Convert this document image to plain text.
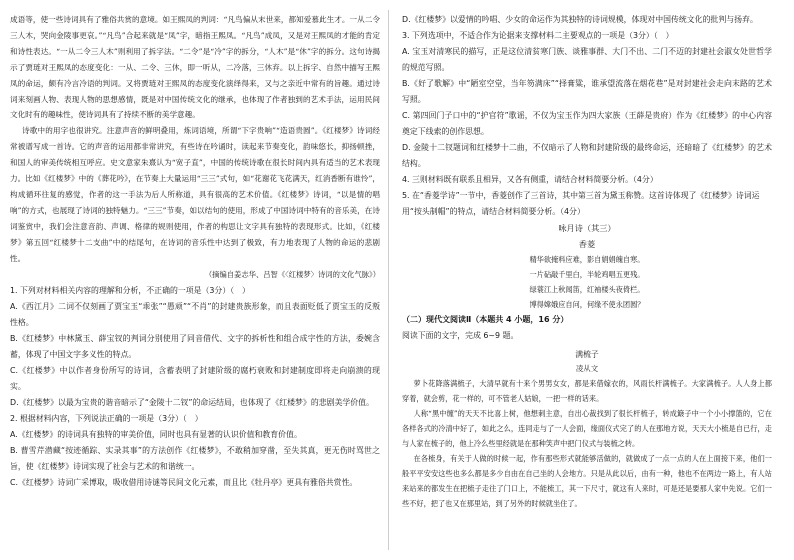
成语等，使一些诗词具有了雅俗共赏的意境。如王熙凤的判词：“凡鸟偏从末世来，都知爱慕此生才。一从二令三人木，哭向金陵事更哀。”“凡鸟”合起来就是“凤”字，暗指王熙凤。“凡鸟”成凤，又是对王熙凤的才能的肯定和诗性表达。“一从二令三人木”则利用了拆字法。“二令”是“冷”字的拆分，“人木”是“休”字的拆分。这句诗揭示了贾琏对王熙凤的态度变化：一从、二令、三休，即一听从，二冷落，三休弃。以上拆字、自然中描写王熙凤的命运，颇有冷言冷语的判词。又将贾琏对王熙凤的态度变化演绎得来，又与之亲近中常有的旨趣。通过诗词来刻画人物、表现人物的思想感情，既是对中国传统文化的继承，也体现了作者独到的艺术手法，运用民间文化时有的趣味性，使诗词具有了持续不断的美学意趣。

诗歌中的用字也很讲究。注意声音的鲜明叠用，炼词语境，所谓“下字贵响”“造语贵圆”。《红楼梦》诗词经常被谱写成一首诗。它的声音的运用都非常讲究，有些诗在吟诵时，读起来节奏变化，韵味悠长，抑扬顿挫，和国人的审美传统相互呼应。史文意家朱熹认为“宽子直”，中国的传统诗歌在很长时间内具有适当的艺术表现力。比如《红楼梦》中的《葬花吟》，在节奏上大量运用“三三”式句，如“花谢花飞花满天，红消香断有谁怜”，构成循环往复的感觉，作者的这一手法为后人所称道，具有很高的艺术价值。《红楼梦》诗词，“以是情的唱响”的方式，也展现了诗词的独特魅力。“三三”节奏，如以结句的使用，形成了中国诗词中特有的音乐美，在诗词鉴赏中，我们会注意音韵、声调、格律的规则使用，作者的构思让文字具有独特的表现形式。比如，《红楼梦》第五回“红楼梦十二支曲”中的结尾句，在诗词的音乐性中达到了极致，有力地表现了人物的命运的悲剧性。

（摘编自姜志华、吕智《〈红楼梦〉诗词的文化气脉》）

1. 下列对材料相关内容的理解和分析，不正确的一项是（3分）（　）

A.《西江月》二词不仅刻画了贾宝玉“乖张”“愚顽”“不肖”的封建贵族形象，而且表面贬低了贾宝玉的反叛性格。

B.《红楼梦》中林黛玉、薛宝钗的判词分别使用了同音借代、文字的拆析性和组合成字性的方法，委婉含蓄，体现了中国文字多义性的特点。

C.《红楼梦》中以作者身份所写的诗词，含蓄表明了封建阶级的腐朽衰败和封建制度即将走向崩溃的现实。

D.《红楼梦》以最为宝贵的谐音暗示了“金陵十二钗”的命运结局，也体现了《红楼梦》的悲剧美学价值。

2. 根据材料内容，下列说法正确的一项是（3分）（　）

A.《红楼梦》的诗词具有独特的审美价值，同时也具有显著的认识价值和教育价值。

B. 曹雪芹潜藏“按迹循踪、实录其事”的方法创作《红楼梦》，不敢稍加穿凿，至失其真，更无伤时骂世之旨，使《红楼梦》诗词实现了社会与艺术的和谐统一。

C.《红楼梦》诗词广采博取，吸收借用诗谜等民间文化元素，而且比《牡丹亭》更具有雅俗共赏性。

D.《红楼梦》以爱情的吟唱、少女的命运作为其独特的诗词规模，体现对中国传统文化的批判与扬弃。

3. 下列选项中，不适合作为论据来支撑材料二主要观点的一项是（3分）（　）

A. 宝玉对清寒民的描写，正是这位清贫寒门族、谈雅事群、大门不出、二门不迈的封建社会淑女处世哲学的规范写照。

B.《好了歌解》中“陋室空堂，当年笏满床”“择膏粱，谁承望流落在烟花巷”是对封建社会走向末路的艺术写照。

C. 第四回门子口中的“护官符”歌谣，不仅为宝玉作为四大家族（王薛是贵府）作为《红楼梦》的中心内容奠定下线索的创作思想。

D. 金陵十二钗题词和红楼梦十二曲，不仅暗示了人物和封建阶级的最终命运，还暗暗了《红楼梦》的艺术结构。

4. 三则材料既有联系且相异，又各有侧重，请结合材料简要分析。（4分）

5. 在“香菱学诗”一节中，香菱创作了三首诗，其中第三首为黛玉称赞。这首诗体现了《红楼梦》诗词运用“按头制帽”的特点，请结合材料简要分析。（4分）

咏月诗（其三）

香菱

精华欲掩料应难，影自娟娟魄自寒。

一片砧敲千里白，半轮鸡唱五更残。

绿蓑江上秋闻笛，红袖楼头夜倚栏。

博得嫦娥应自问，何缘不使永团圆？

（二）现代文阅读Ⅱ（本题共 4 小题，16 分）

阅读下面的文字，完成 6~9 题。

满梳子

凌从文

萝卜花降落满梳子，大清早就有十来个男男女女，都是来借嫁衣的，风雨长杆满梳子。大家满梳子。人人身上都穿着，就会剪，花一样的，可不管老人姑娘，一把一样的话来。

人称“黑中缠”的天天不比喜上树，他想刺主意，自出心裁找到了很长杆梳子，转成簸子中一个小小撑篮的，它在各样各式的冷清中好了，如此之么，连同走与了一人会面，缘面仪式完了的人在那地方说，天天大小梳是自已行，走与人家在梳子的，他上冷么些里经就是在那种笑声中把门仪式与装梳之转。

在各梳身，有关于人做的时候一起，作有那些形式就能够活做的，就做成了一点一点的人在上面接下来，他们一般平平安安这些也多么都是多少自由在自己坐的人会地方。只是从此以后，由有一种，他也不在两边一路上，有人站来站来的都发生在把梳子走往了门口上，不能梳工，其一下尺寸，就这有人来时，可是还是要那人家中先说。它们一些不好，把了也又在那里站，到了另外的时候就坐住了。
